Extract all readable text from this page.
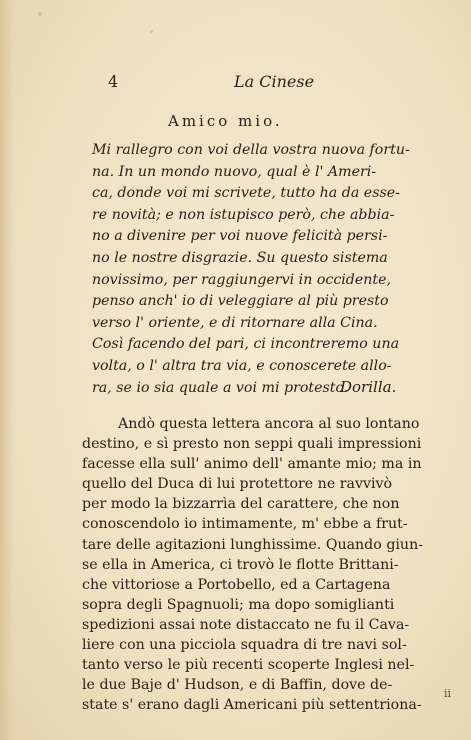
4	La Cinese
Amico mio.
Mi rallegro con voi della vostra nuova fortu-
na. In un mondo nuovo, qual è l' Ameri-
ca, donde voi mi scrivete, tutto ha da esse-
re novità; e non istupisco però, che abbia-
no a divenire per voi nuove felicità persi-
no le nostre disgrazie. Su questo sistema
novissimo, per raggiungervi in occidente,
penso anch' io di veleggiare al più presto
verso l' oriente, e di ritornare alla Cina.
Così facendo del pari, ci incontreremo una
volta, o l' altra tra via, e conoscerete allo-
ra, se io sia quale a voi mi protesto.
Dorilla.
Andò questa lettera ancora al suo lontano
destino, e sì presto non seppi quali impressioni
facesse ella sull' animo dell' amante mio; ma in
quello del Duca di lui protettore ne ravvivò
per modo la bizzarrìa del carattere, che non
conoscendolo io intimamente, m' ebbe a frut-
tare delle agitazioni lunghissime. Quando giun-
se ella in America, ci trovò le flotte Brittani-
che vittoriose a Portobello, ed a Cartagena
sopra degli Spagnuoli; ma dopo somiglianti
spedizioni assai note distaccato ne fu il Cava-
liere con una picciola squadra di tre navi sol-
tanto verso le più recenti scoperte Inglesi nel-
le due Baje d' Hudson, e di Baffin, dove de-
state s' erano dagli Americani più settentriona-
ii
